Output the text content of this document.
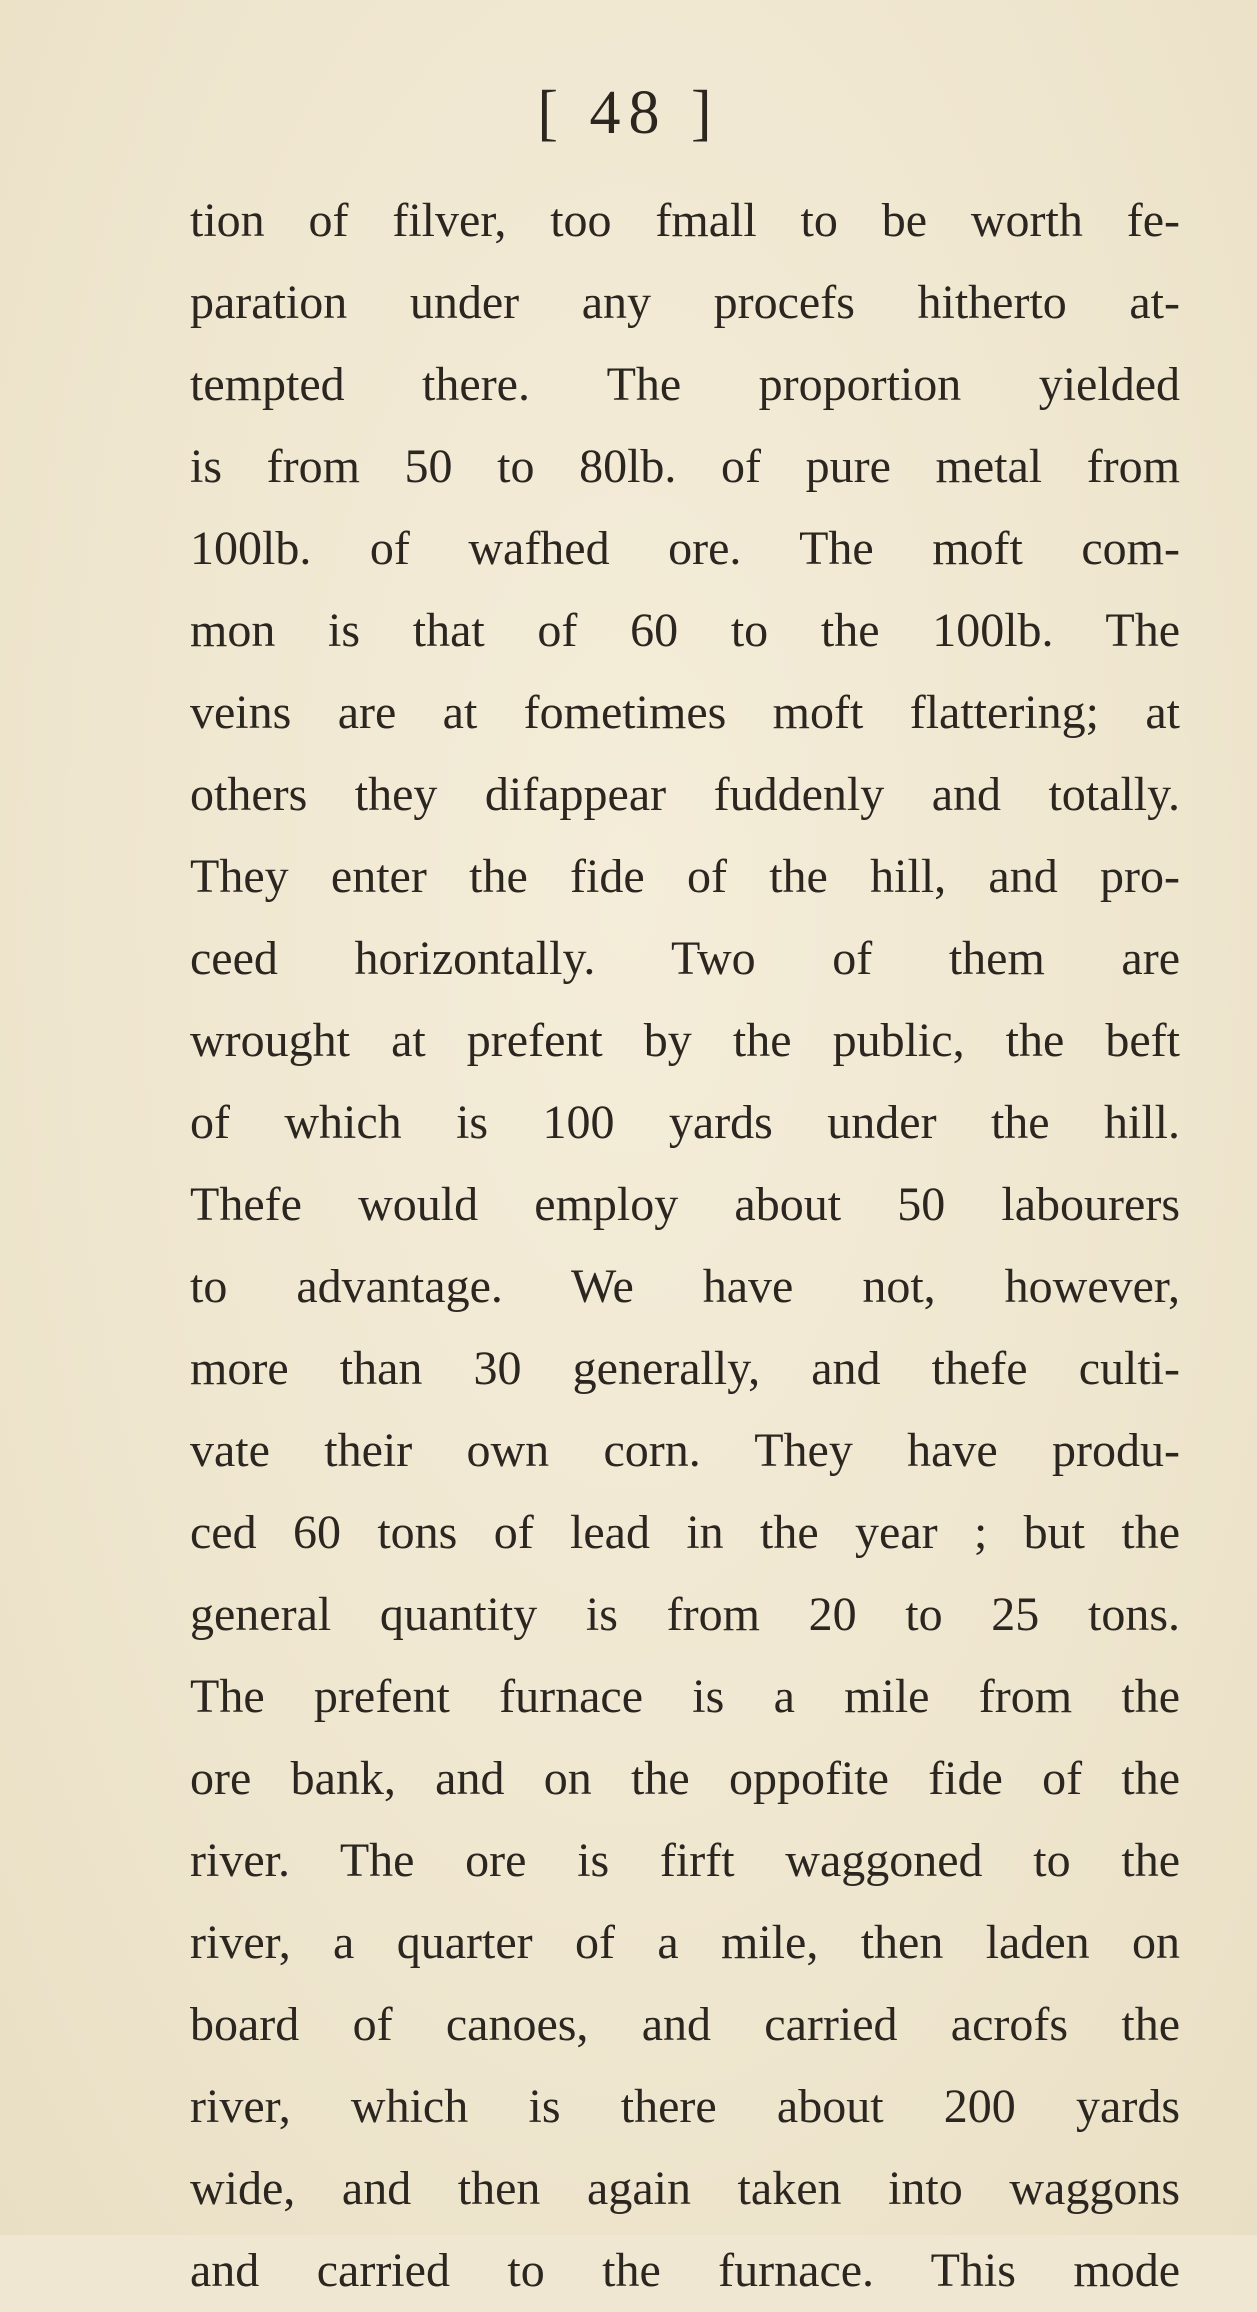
[ 48 ]
tion of filver, too fmall to be worth fe-
paration under any procefs hitherto at-
tempted there. The proportion yielded
is from 50 to 80lb. of pure metal from
100lb. of wafhed ore. The moft com-
mon is that of 60 to the 100lb. The
veins are at fometimes moft flattering; at
others they difappear fuddenly and totally.
They enter the fide of the hill, and pro-
ceed horizontally. Two of them are
wrought at prefent by the public, the beft
of which is 100 yards under the hill.
Thefe would employ about 50 labourers
to advantage. We have not, however,
more than 30 generally, and thefe culti-
vate their own corn. They have produ-
ced 60 tons of lead in the year ; but the
general quantity is from 20 to 25 tons.
The prefent furnace is a mile from the
ore bank, and on the oppofite fide of the
river. The ore is firft waggoned to the
river, a quarter of a mile, then laden on
board of canoes, and carried acrofs the
river, which is there about 200 yards
wide, and then again taken into waggons
and carried to the furnace. This mode
